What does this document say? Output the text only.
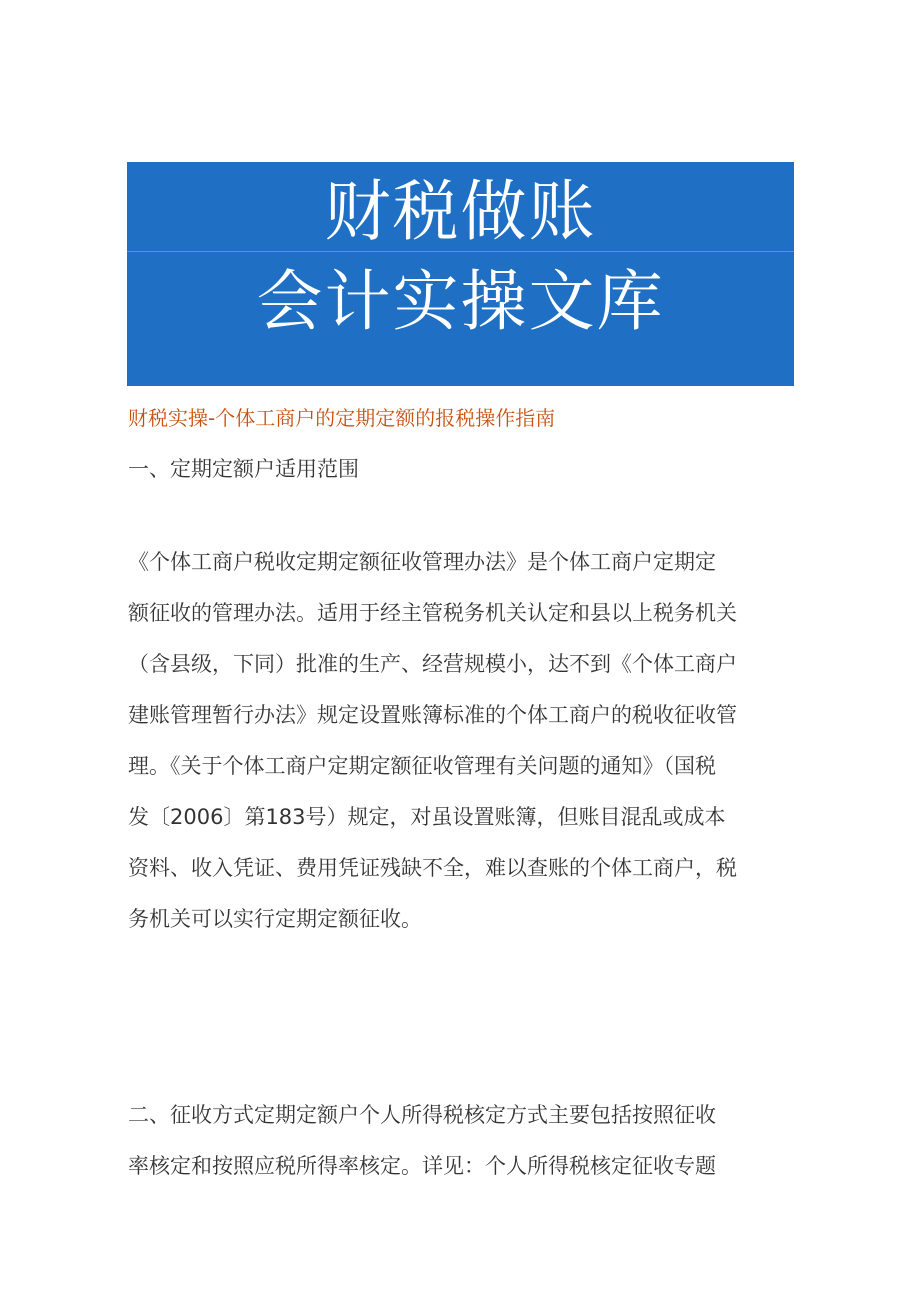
财税做账
会计实操文库
财税实操-个体工商户的定期定额的报税操作指南
一、定期定额户适用范围
《个体工商户税收定期定额征收管理办法》是个体工商户定期定
额征收的管理办法。适用于经主管税务机关认定和县以上税务机关
（含县级，下同）批准的生产、经营规模小，达不到《个体工商户
建账管理暂行办法》规定设置账簿标准的个体工商户的税收征收管
理。《关于个体工商户定期定额征收管理有关问题的通知》（国税
发〔2006〕第183号）规定，对虽设置账簿，但账目混乱或成本
资料、收入凭证、费用凭证残缺不全，难以查账的个体工商户，税
务机关可以实行定期定额征收。
二、征收方式定期定额户个人所得税核定方式主要包括按照征收
率核定和按照应税所得率核定。详见：个人所得税核定征收专题
